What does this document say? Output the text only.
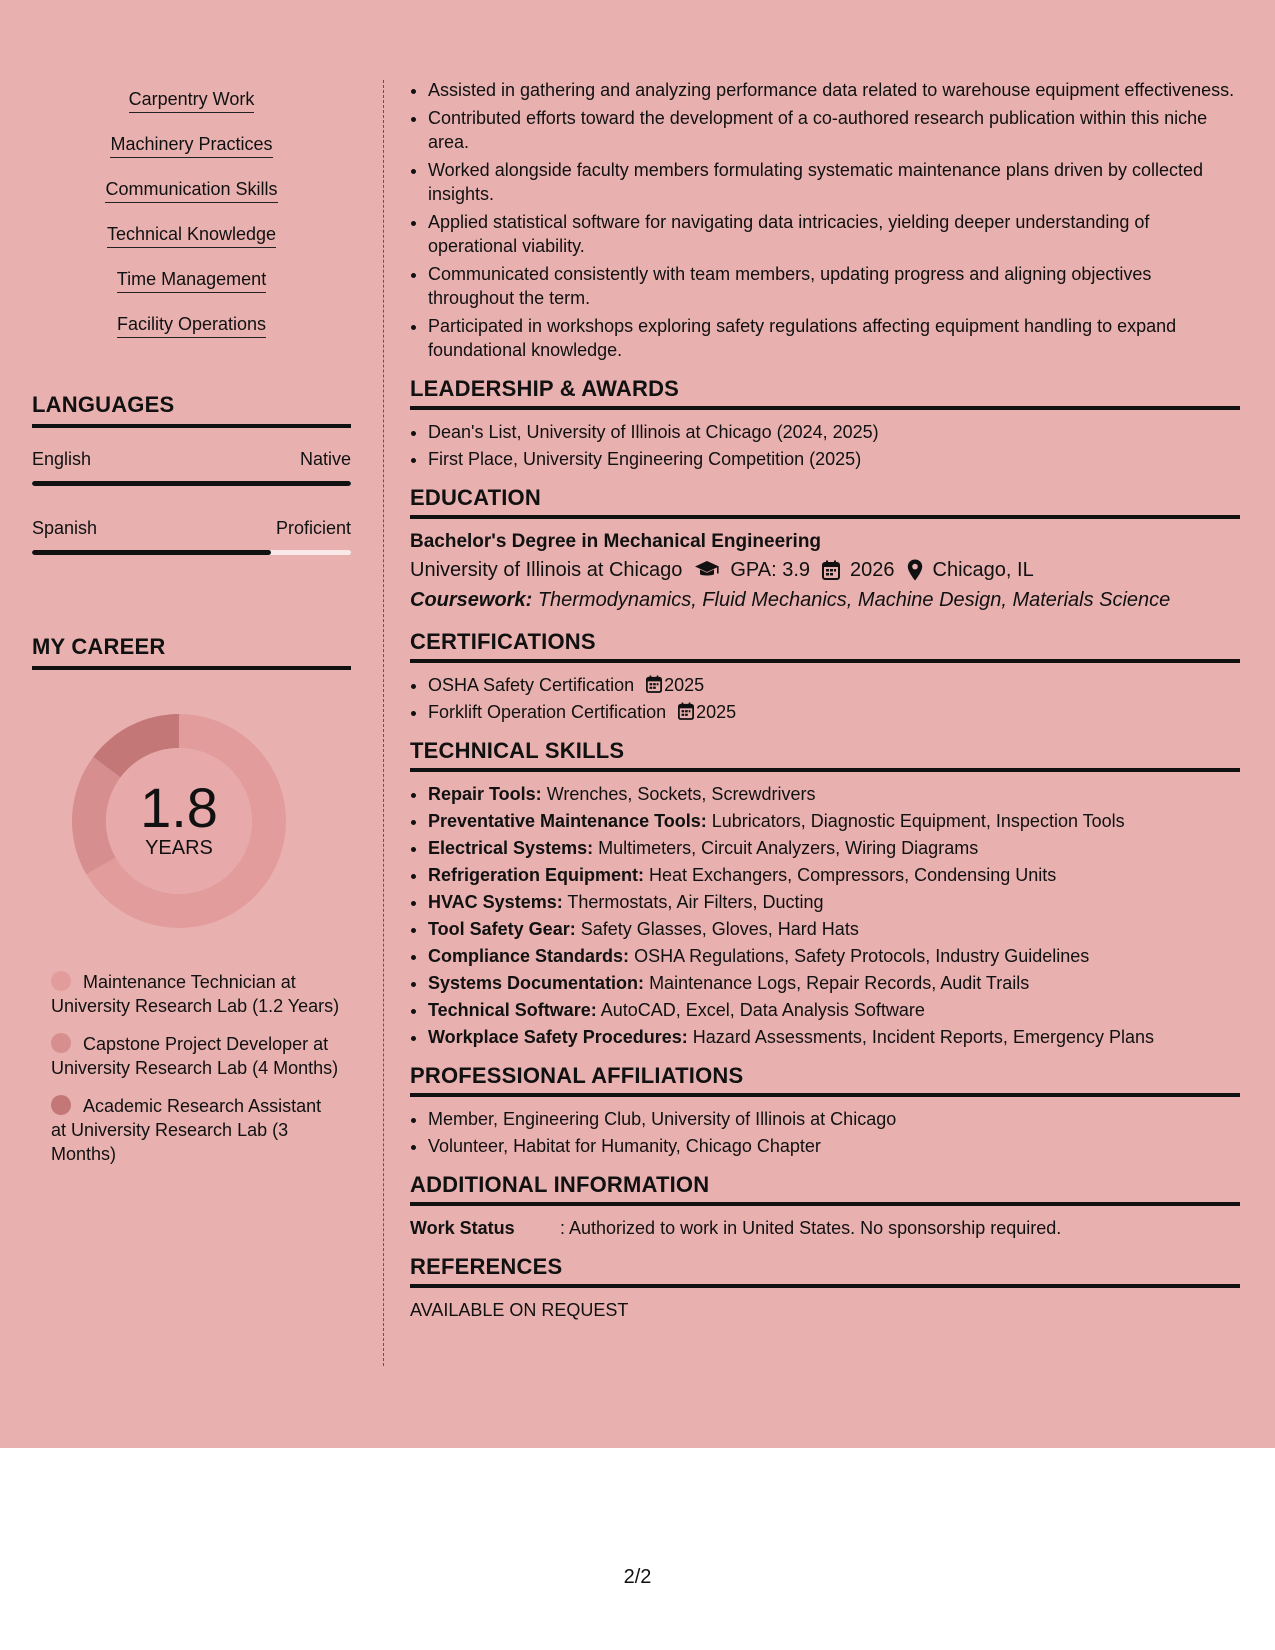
Carpentry Work
Machinery Practices
Communication Skills
Technical Knowledge
Time Management
Facility Operations
LANGUAGES
English	Native
Spanish	Proficient
MY CAREER
1.8
YEARS
Maintenance Technician at University Research Lab (1.2 Years)
Capstone Project Developer at University Research Lab (4 Months)
Academic Research Assistant at University Research Lab (3 Months)
• Assisted in gathering and analyzing performance data related to warehouse equipment effectiveness.
• Contributed efforts toward the development of a co-authored research publication within this niche area.
• Worked alongside faculty members formulating systematic maintenance plans driven by collected insights.
• Applied statistical software for navigating data intricacies, yielding deeper understanding of operational viability.
• Communicated consistently with team members, updating progress and aligning objectives throughout the term.
• Participated in workshops exploring safety regulations affecting equipment handling to expand foundational knowledge.
LEADERSHIP & AWARDS
• Dean's List, University of Illinois at Chicago (2024, 2025)
• First Place, University Engineering Competition (2025)
EDUCATION
Bachelor's Degree in Mechanical Engineering
University of Illinois at Chicago GPA: 3.9 2026 Chicago, IL
Coursework: Thermodynamics, Fluid Mechanics, Machine Design, Materials Science
CERTIFICATIONS
• OSHA Safety Certification 2025
• Forklift Operation Certification 2025
TECHNICAL SKILLS
• Repair Tools: Wrenches, Sockets, Screwdrivers
• Preventative Maintenance Tools: Lubricators, Diagnostic Equipment, Inspection Tools
• Electrical Systems: Multimeters, Circuit Analyzers, Wiring Diagrams
• Refrigeration Equipment: Heat Exchangers, Compressors, Condensing Units
• HVAC Systems: Thermostats, Air Filters, Ducting
• Tool Safety Gear: Safety Glasses, Gloves, Hard Hats
• Compliance Standards: OSHA Regulations, Safety Protocols, Industry Guidelines
• Systems Documentation: Maintenance Logs, Repair Records, Audit Trails
• Technical Software: AutoCAD, Excel, Data Analysis Software
• Workplace Safety Procedures: Hazard Assessments, Incident Reports, Emergency Plans
PROFESSIONAL AFFILIATIONS
• Member, Engineering Club, University of Illinois at Chicago
• Volunteer, Habitat for Humanity, Chicago Chapter
ADDITIONAL INFORMATION
Work Status	: Authorized to work in United States. No sponsorship required.
REFERENCES
AVAILABLE ON REQUEST
2/2
